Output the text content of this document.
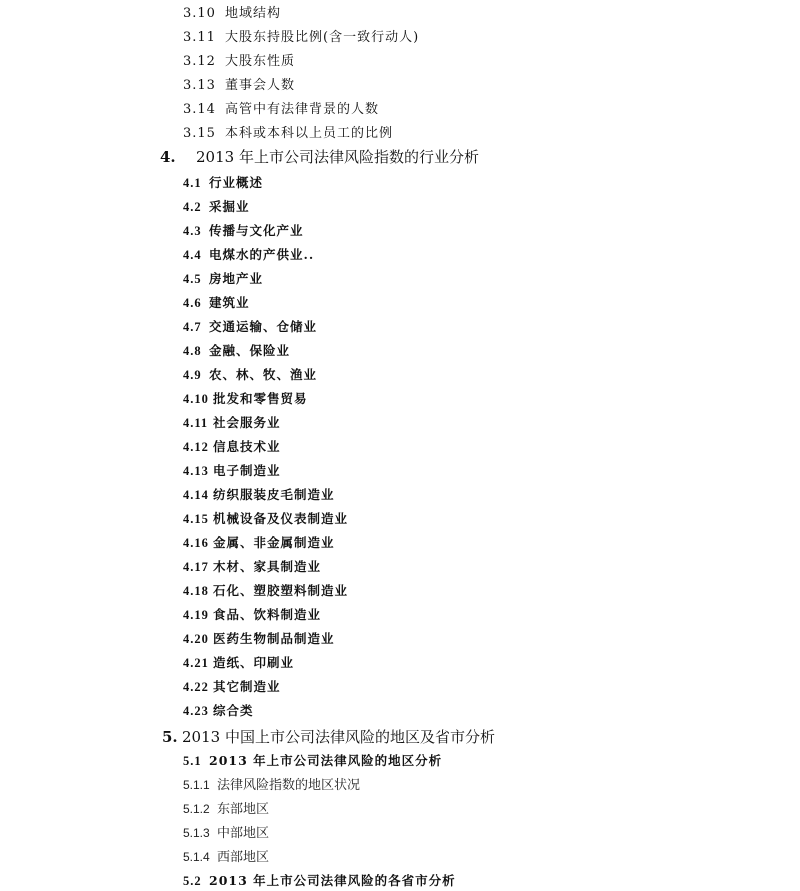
3.10 地域结构
3.11 大股东持股比例(含一致行动人)
3.12 大股东性质
3.13 董事会人数
3.14 高管中有法律背景的人数
3.15 本科或本科以上员工的比例
4. 2013 年上市公司法律风险指数的行业分析
4.1 行业概述
4.2 采掘业
4.3 传播与文化产业
4.4 电煤水的产供业..
4.5 房地产业
4.6 建筑业
4.7 交通运输、仓储业
4.8 金融、保险业
4.9 农、林、牧、渔业
4.10 批发和零售贸易
4.11 社会服务业
4.12 信息技术业
4.13 电子制造业
4.14 纺织服装皮毛制造业
4.15 机械设备及仪表制造业
4.16 金属、非金属制造业
4.17 木材、家具制造业
4.18 石化、塑胶塑料制造业
4.19 食品、饮料制造业
4.20 医药生物制品制造业
4.21 造纸、印刷业
4.22 其它制造业
4.23 综合类
5. 2013 中国上市公司法律风险的地区及省市分析
5.1 2013 年上市公司法律风险的地区分析
5.1.1 法律风险指数的地区状况
5.1.2 东部地区
5.1.3 中部地区
5.1.4 西部地区
5.2 2013 年上市公司法律风险的各省市分析
